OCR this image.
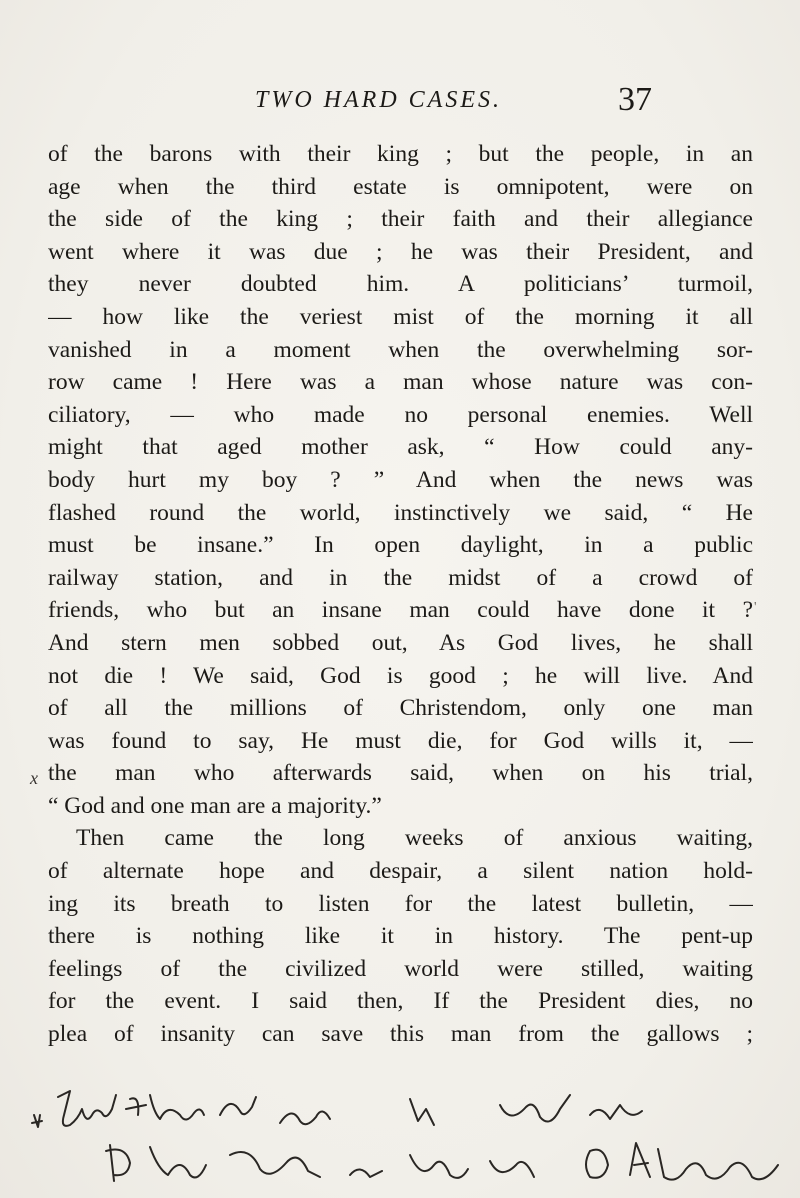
TWO HARD CASES.	37
of the barons with their king ; but the people, in an
age when the third estate is omnipotent, were on
the side of the king ; their faith and their allegiance
went where it was due ; he was their President, and
they never doubted him. A politicians’ turmoil,
— how like the veriest mist of the morning it all
vanished in a moment when the overwhelming sor-
row came ! Here was a man whose nature was con-
ciliatory, — who made no personal enemies. Well
might that aged mother ask, “ How could any-
body hurt my boy ? ” And when the news was
flashed round the world, instinctively we said, “ He
must be insane.” In open daylight, in a public
railway station, and in the midst of a crowd of
friends, who but an insane man could have done it ?
And stern men sobbed out, As God lives, he shall
not die ! We said, God is good ; he will live. And
of all the millions of Christendom, only one man
was found to say, He must die, for God wills it, —
the man who afterwards said, when on his trial,
“ God and one man are a majority.”
Then came the long weeks of anxious waiting,
of alternate hope and despair, a silent nation hold-
ing its breath to listen for the latest bulletin, —
there is nothing like it in history. The pent-up
feelings of the civilized world were stilled, waiting
for the event. I said then, If the President dies, no
plea of insanity can save this man from the gallows ;
x
'
